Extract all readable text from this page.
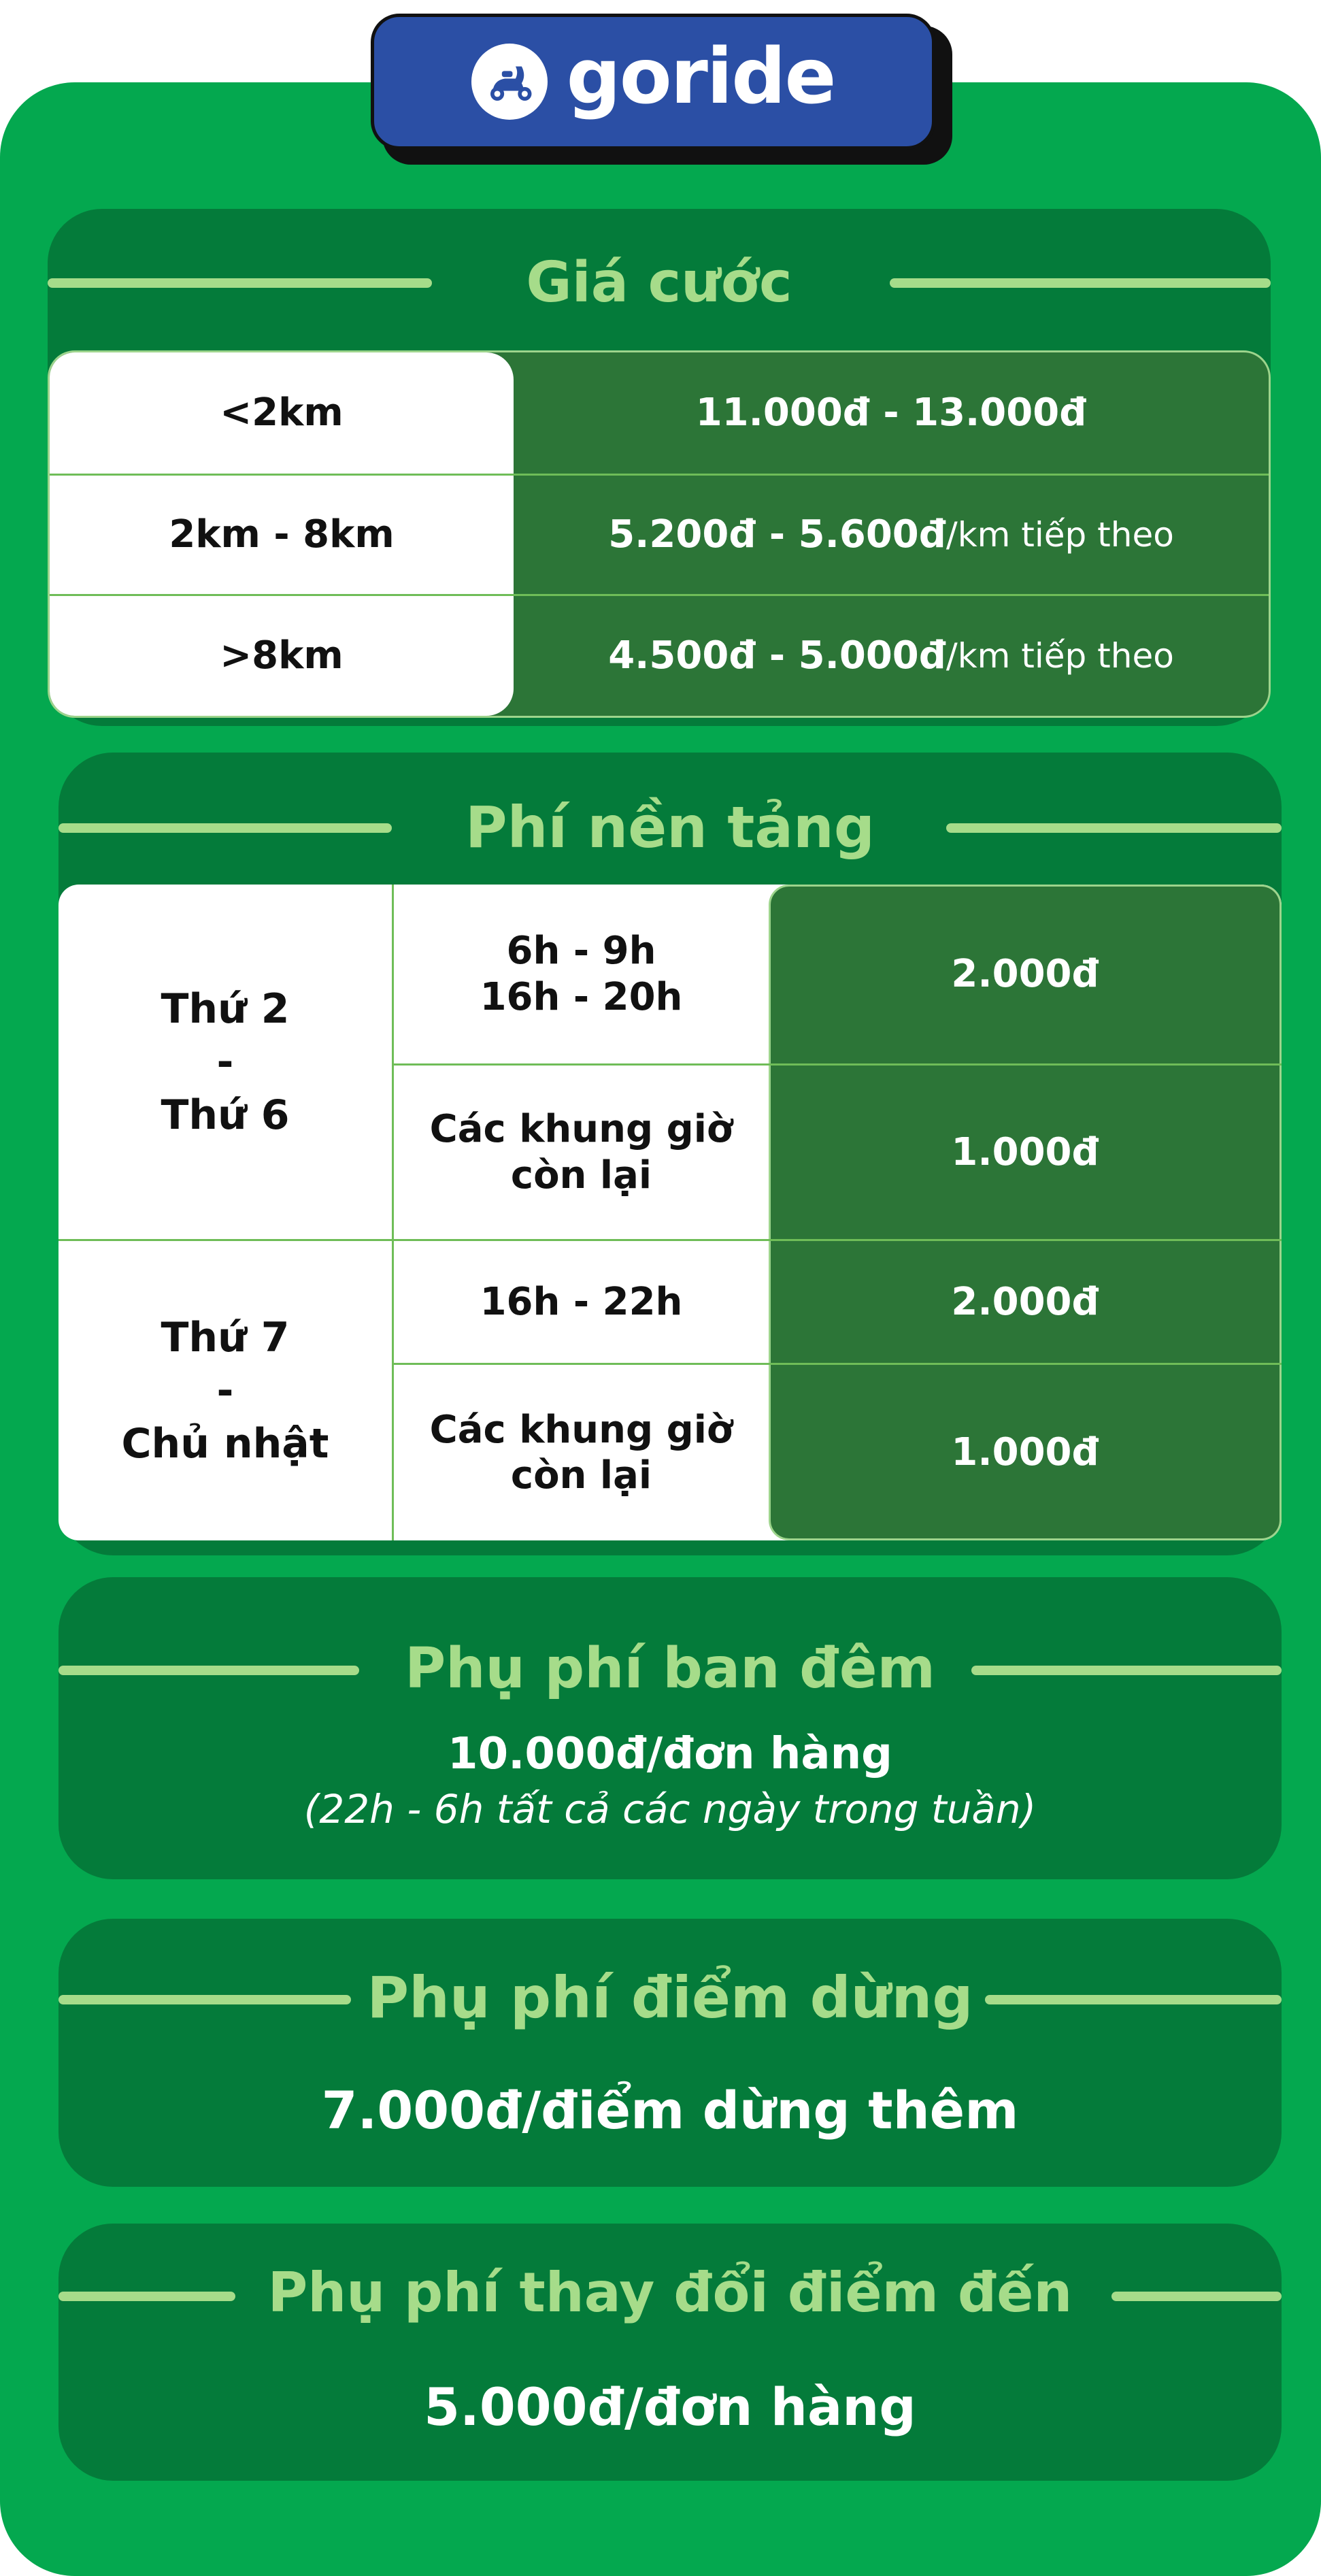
goride
Giá cước
<2km
2km - 8km
>8km
11.000đ - 13.000đ
5.200đ - 5.600đ /km tiếp theo
4.500đ - 5.000đ /km tiếp theo
Phí nền tảng
Thứ 2
-
Thứ 6
Thứ 7
-
Chủ nhật
6h - 9h
16h - 20h
Các khung giờ
còn lại
16h - 22h
Các khung giờ
còn lại
2.000đ
1.000đ
2.000đ
1.000đ
Phụ phí ban đêm
10.000đ/đơn hàng
(22h - 6h tất cả các ngày trong tuần)
Phụ phí điểm dừng
7.000đ/điểm dừng thêm
Phụ phí thay đổi điểm đến
5.000đ/đơn hàng
